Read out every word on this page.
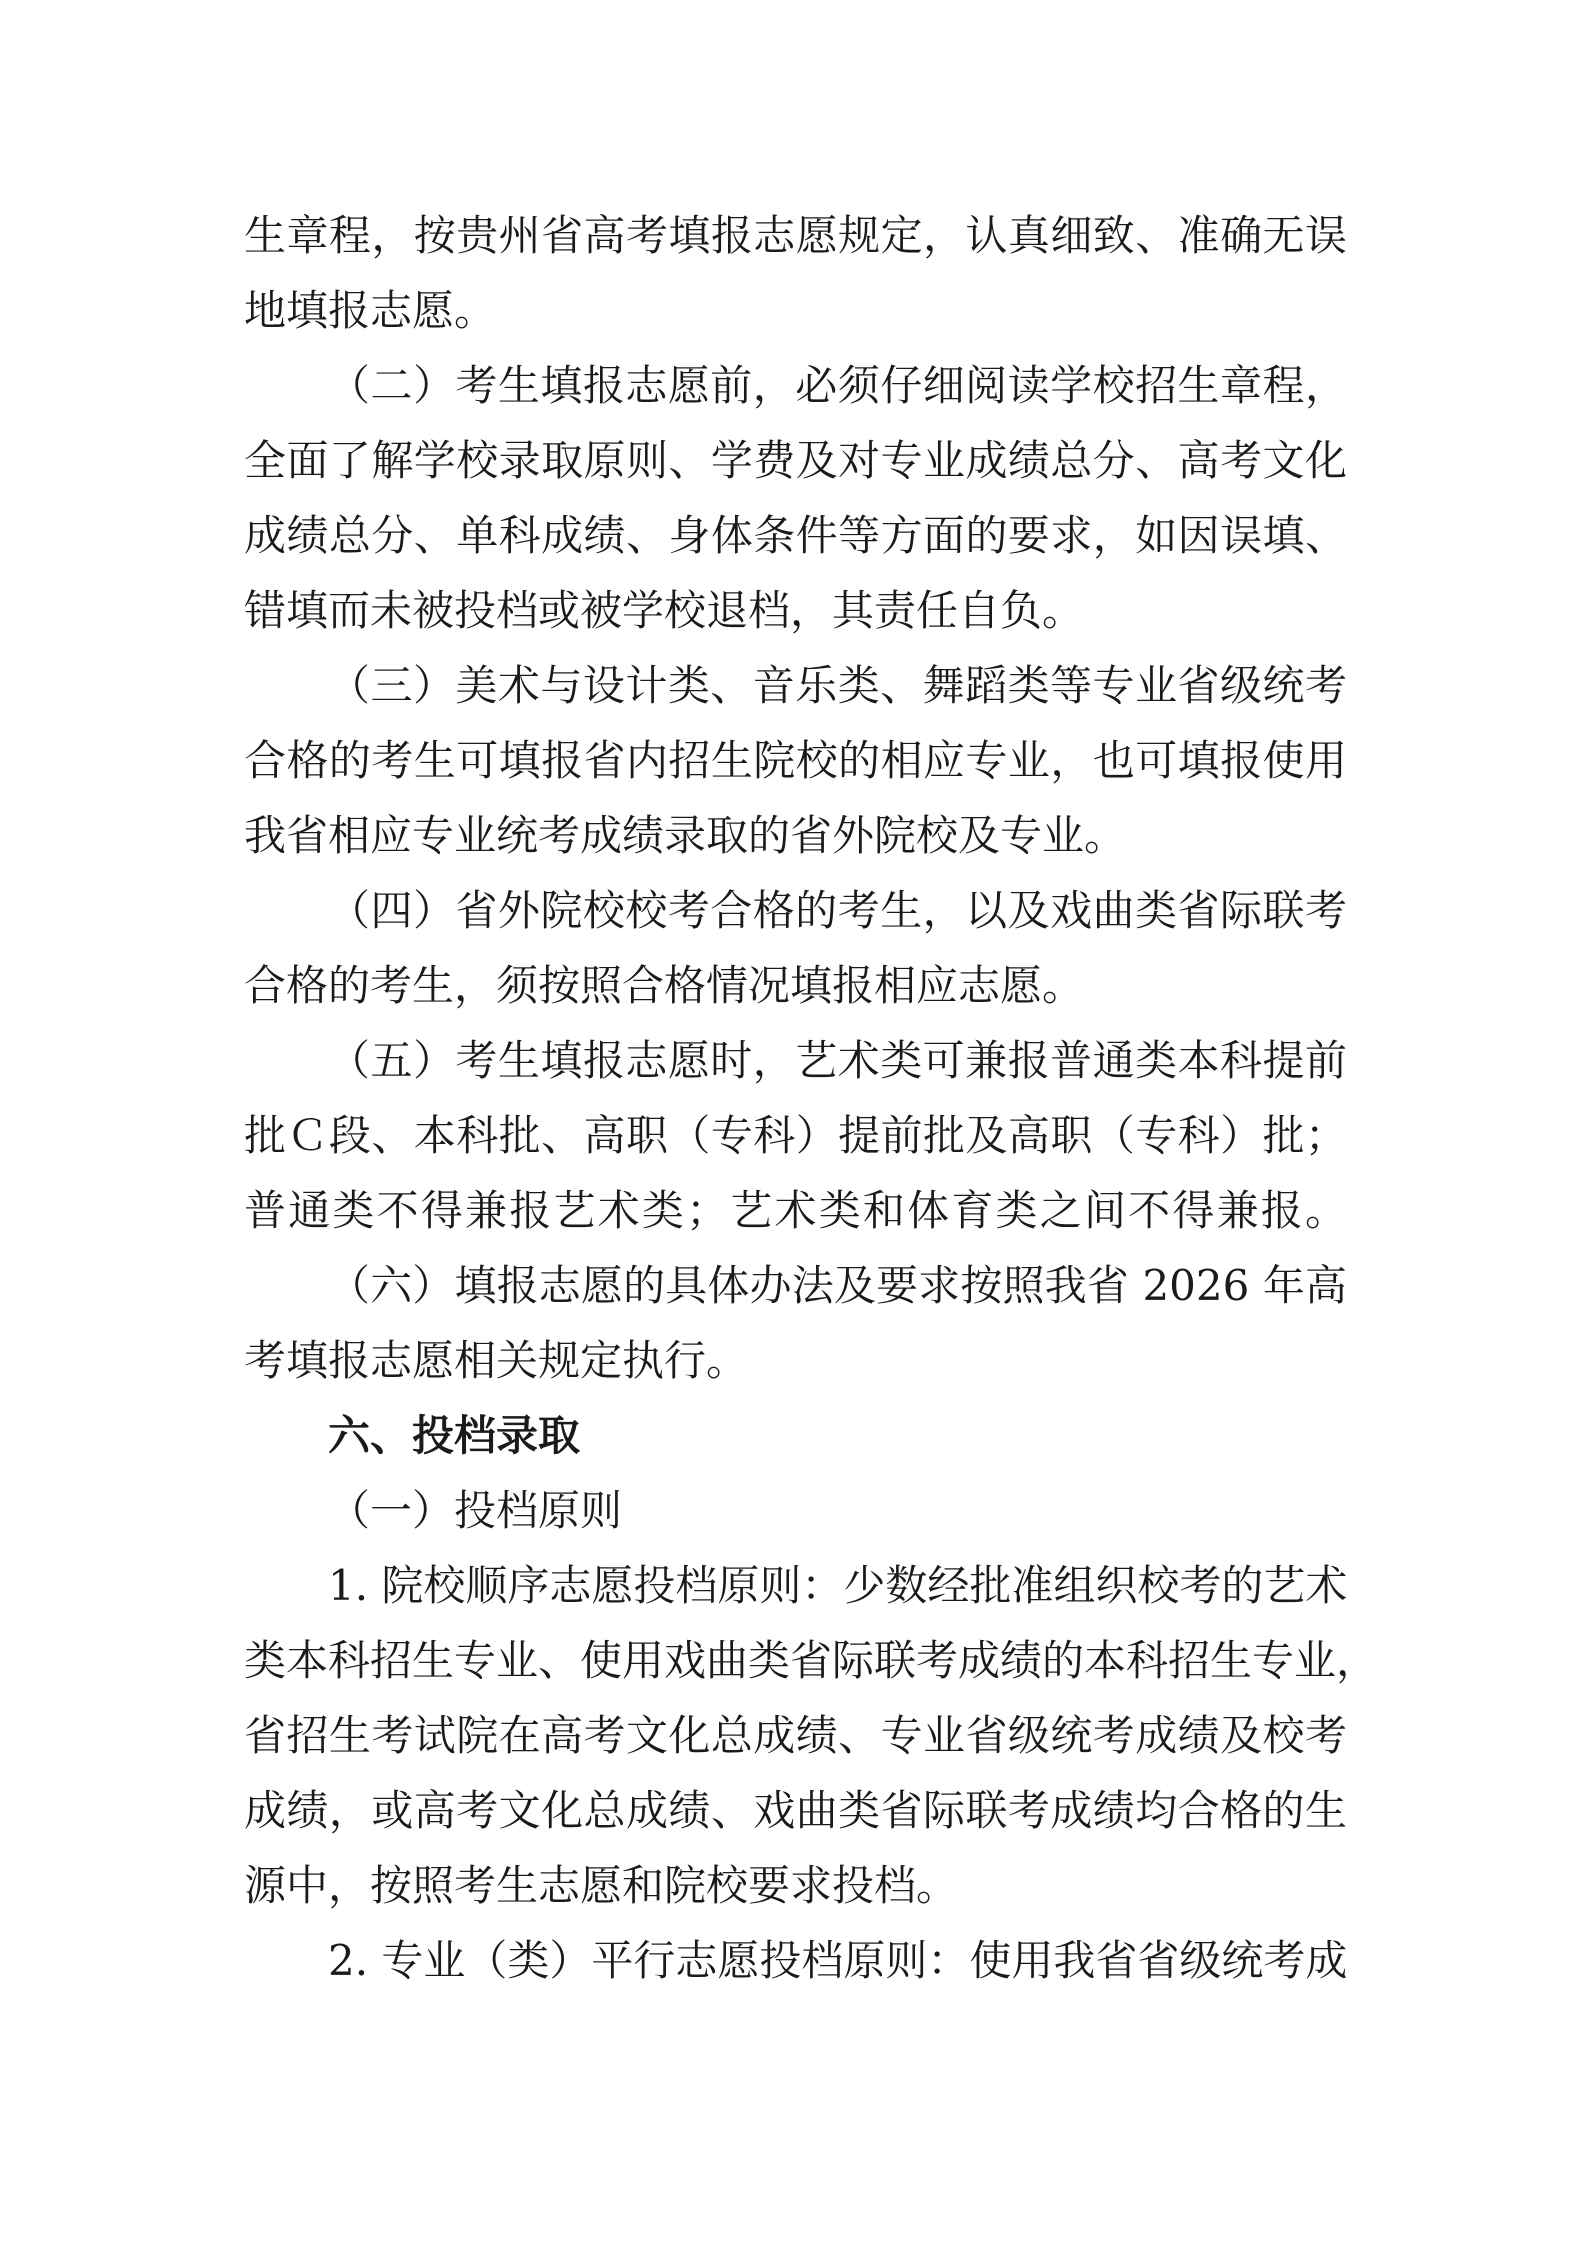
生章程，按贵州省高考填报志愿规定，认真细致、准确无误

地填报志愿。

（二）考生填报志愿前，必须仔细阅读学校招生章程，

全面了解学校录取原则、学费及对专业成绩总分、高考文化

成绩总分、单科成绩、身体条件等方面的要求，如因误填、

错填而未被投档或被学校退档，其责任自负。

（三）美术与设计类、音乐类、舞蹈类等专业省级统考

合格的考生可填报省内招生院校的相应专业，也可填报使用

我省相应专业统考成绩录取的省外院校及专业。

（四）省外院校校考合格的考生，以及戏曲类省际联考

合格的考生，须按照合格情况填报相应志愿。

（五）考生填报志愿时，艺术类可兼报普通类本科提前

批Ｃ段、本科批、高职（专科）提前批及高职（专科）批；

普通类不得兼报艺术类；艺术类和体育类之间不得兼报。

（六）填报志愿的具体办法及要求按照我省 2026 年高

考填报志愿相关规定执行。

六、投档录取

（一）投档原则

1. 院校顺序志愿投档原则：少数经批准组织校考的艺术

类本科招生专业、使用戏曲类省际联考成绩的本科招生专业，

省招生考试院在高考文化总成绩、专业省级统考成绩及校考

成绩，或高考文化总成绩、戏曲类省际联考成绩均合格的生

源中，按照考生志愿和院校要求投档。

2. 专业（类）平行志愿投档原则：使用我省省级统考成
